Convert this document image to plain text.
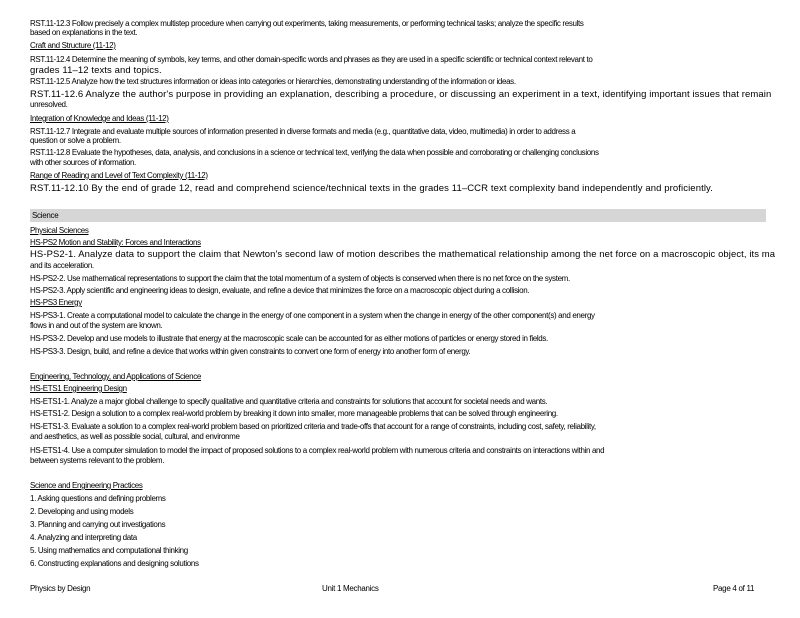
RST.11-12.3 Follow precisely a complex multistep procedure when carrying out experiments, taking measurements, or performing technical tasks; analyze the specific results
based on explanations in the text.
Craft and Structure (11-12)
RST.11-12.4 Determine the meaning of symbols, key terms, and other domain-specific words and phrases as they are used in a specific scientific or technical context relevant to
grades 11–12 texts and topics.
RST.11-12.5 Analyze how the text structures information or ideas into categories or hierarchies, demonstrating understanding of the information or ideas.
RST.11-12.6 Analyze the author's purpose in providing an explanation, describing a procedure, or discussing an experiment in a text, identifying important issues that remain
unresolved.
Integration of Knowledge and Ideas (11-12)
RST.11-12.7 Integrate and evaluate multiple sources of information presented in diverse formats and media (e.g., quantitative data, video, multimedia) in order to address a
question or solve a problem.
RST.11-12.8 Evaluate the hypotheses, data, analysis, and conclusions in a science or technical text, verifying the data when possible and corroborating or challenging conclusions
with other sources of information.
Range of Reading and Level of Text Complexity (11-12)
RST.11-12.10 By the end of grade 12, read and comprehend science/technical texts in the grades 11–CCR text complexity band independently and proficiently.
Science
Physical Sciences
HS-PS2 Motion and Stability: Forces and Interactions
HS-PS2-1. Analyze data to support the claim that Newton's second law of motion describes the mathematical relationship among the net force on a macroscopic object, its ma
and its acceleration.
HS-PS2-2. Use mathematical representations to support the claim that the total momentum of a system of objects is conserved when there is no net force on the system.
HS-PS2-3. Apply scientific and engineering ideas to design, evaluate, and refine a device that minimizes the force on a macroscopic object during a collision.
HS-PS3 Energy
HS-PS3-1. Create a computational model to calculate the change in the energy of one component in a system when the change in energy of the other component(s) and energy
flows in and out of the system are known.
HS-PS3-2. Develop and use models to illustrate that energy at the macroscopic scale can be accounted for as either motions of particles or energy stored in fields.
HS-PS3-3. Design, build, and refine a device that works within given constraints to convert one form of energy into another form of energy.
Engineering, Technology, and Applications of Science
HS-ETS1 Engineering Design
HS-ETS1-1. Analyze a major global challenge to specify qualitative and quantitative criteria and constraints for solutions that account for societal needs and wants.
HS-ETS1-2. Design a solution to a complex real-world problem by breaking it down into smaller, more manageable problems that can be solved through engineering.
HS-ETS1-3. Evaluate a solution to a complex real-world problem based on prioritized criteria and trade-offs that account for a range of constraints, including cost, safety, reliability,
and aesthetics, as well as possible social, cultural, and environme
HS-ETS1-4. Use a computer simulation to model the impact of proposed solutions to a complex real-world problem with numerous criteria and constraints on interactions within and
between systems relevant to the problem.
Science and Engineering Practices
1. Asking questions and defining problems
2. Developing and using models
3. Planning and carrying out investigations
4. Analyzing and interpreting data
5. Using mathematics and computational thinking
6. Constructing explanations and designing solutions
Physics by Design	Unit 1 Mechanics	Page 4 of 11
